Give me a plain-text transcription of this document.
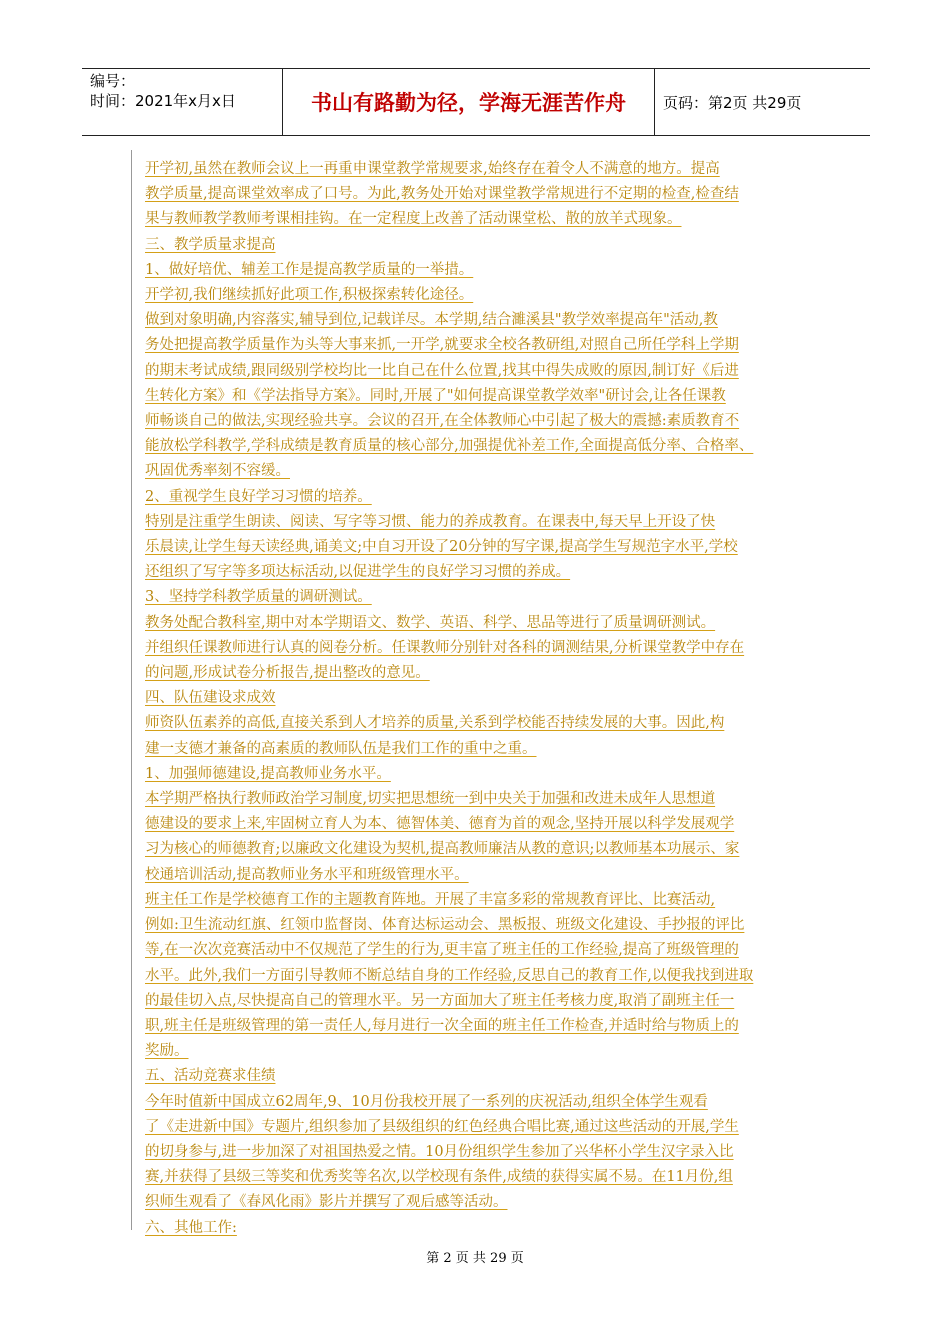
编号：
时间：2021年x月x日	书山有路勤为径，学海无涯苦作舟	页码：第2页 共29页
开学初,虽然在教师会议上一再重申课堂教学常规要求,始终存在着令人不满意的地方。提高
教学质量,提高课堂效率成了口号。为此,教务处开始对课堂教学常规进行不定期的检查,检查结
果与教师教学教师考课相挂钩。在一定程度上改善了活动课堂松、散的放羊式现象。
三、教学质量求提高
1、做好培优、辅差工作是提高教学质量的一举措。
开学初,我们继续抓好此项工作,积极探索转化途径。
做到对象明确,内容落实,辅导到位,记载详尽。本学期,结合濉溪县"教学效率提高年"活动,教
务处把提高教学质量作为头等大事来抓,一开学,就要求全校各教研组,对照自己所任学科上学期
的期末考试成绩,跟同级别学校均比一比自己在什么位置,找其中得失成败的原因,制订好《后进
生转化方案》和《学法指导方案》。同时,开展了"如何提高课堂教学效率"研讨会,让各任课教
师畅谈自己的做法,实现经验共享。会议的召开,在全体教师心中引起了极大的震撼:素质教育不
能放松学科教学,学科成绩是教育质量的核心部分,加强提优补差工作,全面提高低分率、合格率、
巩固优秀率刻不容缓。
2、重视学生良好学习习惯的培养。
特别是注重学生朗读、阅读、写字等习惯、能力的养成教育。在课表中,每天早上开设了快
乐晨读,让学生每天读经典,诵美文;中自习开设了20分钟的写字课,提高学生写规范字水平,学校
还组织了写字等多项达标活动,以促进学生的良好学习习惯的养成。
3、坚持学科教学质量的调研测试。
教务处配合教科室,期中对本学期语文、数学、英语、科学、思品等进行了质量调研测试。
并组织任课教师进行认真的阅卷分析。任课教师分别针对各科的调测结果,分析课堂教学中存在
的问题,形成试卷分析报告,提出整改的意见。
四、队伍建设求成效
师资队伍素养的高低,直接关系到人才培养的质量,关系到学校能否持续发展的大事。因此,构
建一支德才兼备的高素质的教师队伍是我们工作的重中之重。
1、加强师德建设,提高教师业务水平。
本学期严格执行教师政治学习制度,切实把思想统一到中央关于加强和改进未成年人思想道
德建设的要求上来,牢固树立育人为本、德智体美、德育为首的观念,坚持开展以科学发展观学
习为核心的师德教育;以廉政文化建设为契机,提高教师廉洁从教的意识;以教师基本功展示、家
校通培训活动,提高教师业务水平和班级管理水平。
班主任工作是学校德育工作的主题教育阵地。开展了丰富多彩的常规教育评比、比赛活动,
例如:卫生流动红旗、红领巾监督岗、体育达标运动会、黑板报、班级文化建设、手抄报的评比
等,在一次次竞赛活动中不仅规范了学生的行为,更丰富了班主任的工作经验,提高了班级管理的
水平。此外,我们一方面引导教师不断总结自身的工作经验,反思自己的教育工作,以便我找到进取
的最佳切入点,尽快提高自己的管理水平。另一方面加大了班主任考核力度,取消了副班主任一
职,班主任是班级管理的第一责任人,每月进行一次全面的班主任工作检查,并适时给与物质上的
奖励。
五、活动竞赛求佳绩
今年时值新中国成立62周年,9、10月份我校开展了一系列的庆祝活动,组织全体学生观看
了《走进新中国》专题片,组织参加了县级组织的红色经典合唱比赛,通过这些活动的开展,学生
的切身参与,进一步加深了对祖国热爱之情。10月份组织学生参加了兴华杯小学生汉字录入比
赛,并获得了县级三等奖和优秀奖等名次,以学校现有条件,成绩的获得实属不易。在11月份,组
织师生观看了《春风化雨》影片并撰写了观后感等活动。
六、其他工作:
第 2 页 共 29 页
